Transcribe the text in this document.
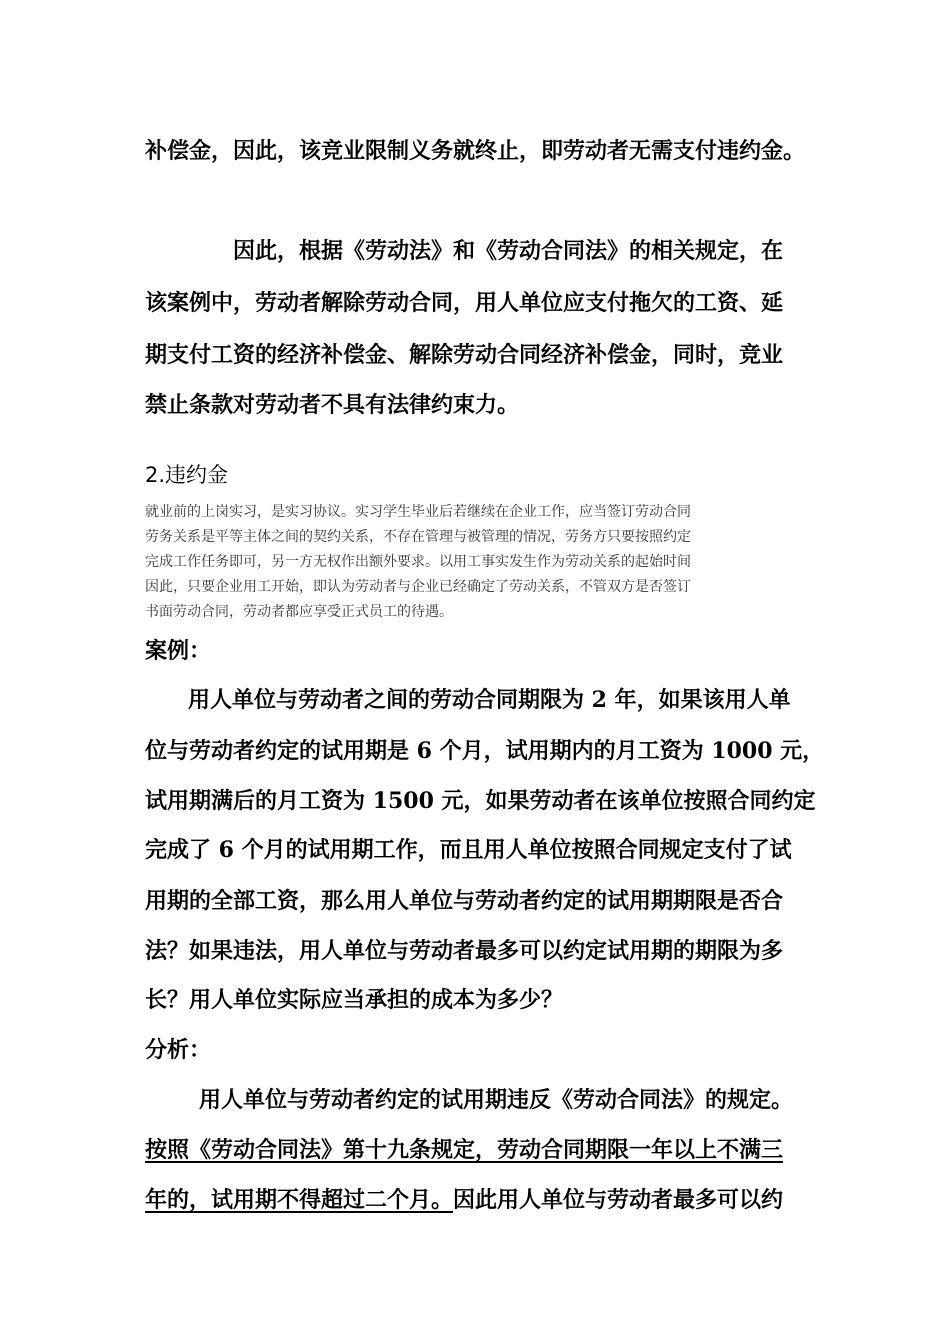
补偿金，因此，该竞业限制义务就终止，即劳动者无需支付违约金。
因此，根据《劳动法》和《劳动合同法》的相关规定，在
该案例中，劳动者解除劳动合同，用人单位应支付拖欠的工资、延
期支付工资的经济补偿金、解除劳动合同经济补偿金，同时，竞业
禁止条款对劳动者不具有法律约束力。
2.违约金
就业前的上岗实习，是实习协议。实习学生毕业后若继续在企业工作，应当签订劳动合同
劳务关系是平等主体之间的契约关系，不存在管理与被管理的情况，劳务方只要按照约定
完成工作任务即可，另一方无权作出额外要求。以用工事实发生作为劳动关系的起始时间
因此，只要企业用工开始，即认为劳动者与企业已经确定了劳动关系，不管双方是否签订
书面劳动合同，劳动者都应享受正式员工的待遇。
案例：
用人单位与劳动者之间的劳动合同期限为 2 年，如果该用人单
位与劳动者约定的试用期是 6 个月，试用期内的月工资为 1000 元，
试用期满后的月工资为 1500 元，如果劳动者在该单位按照合同约定
完成了 6 个月的试用期工作，而且用人单位按照合同规定支付了试
用期的全部工资，那么用人单位与劳动者约定的试用期期限是否合
法？如果违法，用人单位与劳动者最多可以约定试用期的期限为多
长？用人单位实际应当承担的成本为多少？
分析：
用人单位与劳动者约定的试用期违反《劳动合同法》的规定。
按照《劳动合同法》第十九条规定，劳动合同期限一年以上不满三
年的，试用期不得超过二个月。因此用人单位与劳动者最多可以约
